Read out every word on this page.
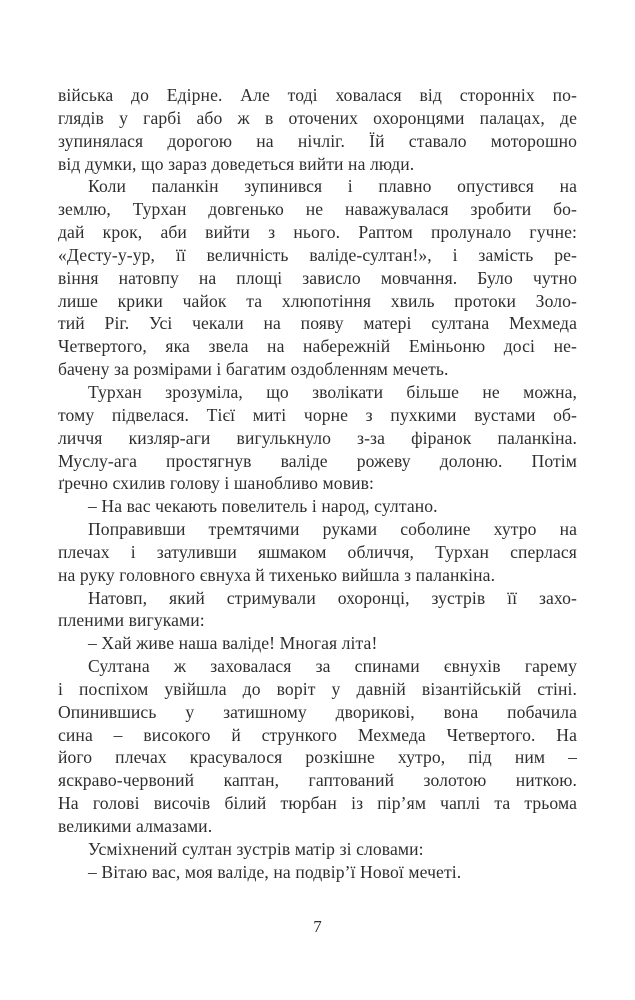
війська до Едірне. Але тоді ховалася від сторонніх по-
глядів у гарбі або ж в оточених охоронцями палацах, де
зупинялася дорогою на нічліг. Їй ставало моторошно
від думки, що зараз доведеться вийти на люди.
Коли паланкін зупинився і плавно опустився на
землю, Турхан довгенько не наважувалася зробити бо-
дай крок, аби вийти з нього. Раптом пролунало гучне:
«Десту-у-ур, її величність валіде-султан!», і замість ре-
віння натовпу на площі зависло мовчання. Було чутно
лише крики чайок та хлюпотіння хвиль протоки Золо-
тий Ріг. Усі чекали на появу матері султана Мехмеда
Четвертого, яка звела на набережній Еміньоню досі не-
бачену за розмірами і багатим оздобленням мечеть.
Турхан зрозуміла, що зволікати більше не можна,
тому підвелася. Тієї миті чорне з пухкими вустами об-
личчя кизляр-аги вигулькнуло з-за фіранок паланкіна.
Муслу-ага простягнув валіде рожеву долоню. Потім
ґречно схилив голову і шанобливо мовив:
– На вас чекають повелитель і народ, султано.
Поправивши тремтячими руками соболине хутро на
плечах і затуливши яшмаком обличчя, Турхан сперлася
на руку головного євнуха й тихенько вийшла з паланкіна.
Натовп, який стримували охоронці, зустрів її захо-
пленими вигуками:
– Хай живе наша валіде! Многая літа!
Султана ж заховалася за спинами євнухів гарему
і поспіхом увійшла до воріт у давній візантійській стіні.
Опинившись у затишному дворикові, вона побачила
сина – високого й стрункого Мехмеда Четвертого. На
його плечах красувалося розкішне хутро, під ним –
яскраво-червоний каптан, гаптований золотою ниткою.
На голові височів білий тюрбан із пір’ям чаплі та трьома
великими алмазами.
Усміхнений султан зустрів матір зі словами:
– Вітаю вас, моя валіде, на подвір’ї Нової мечеті.
7
